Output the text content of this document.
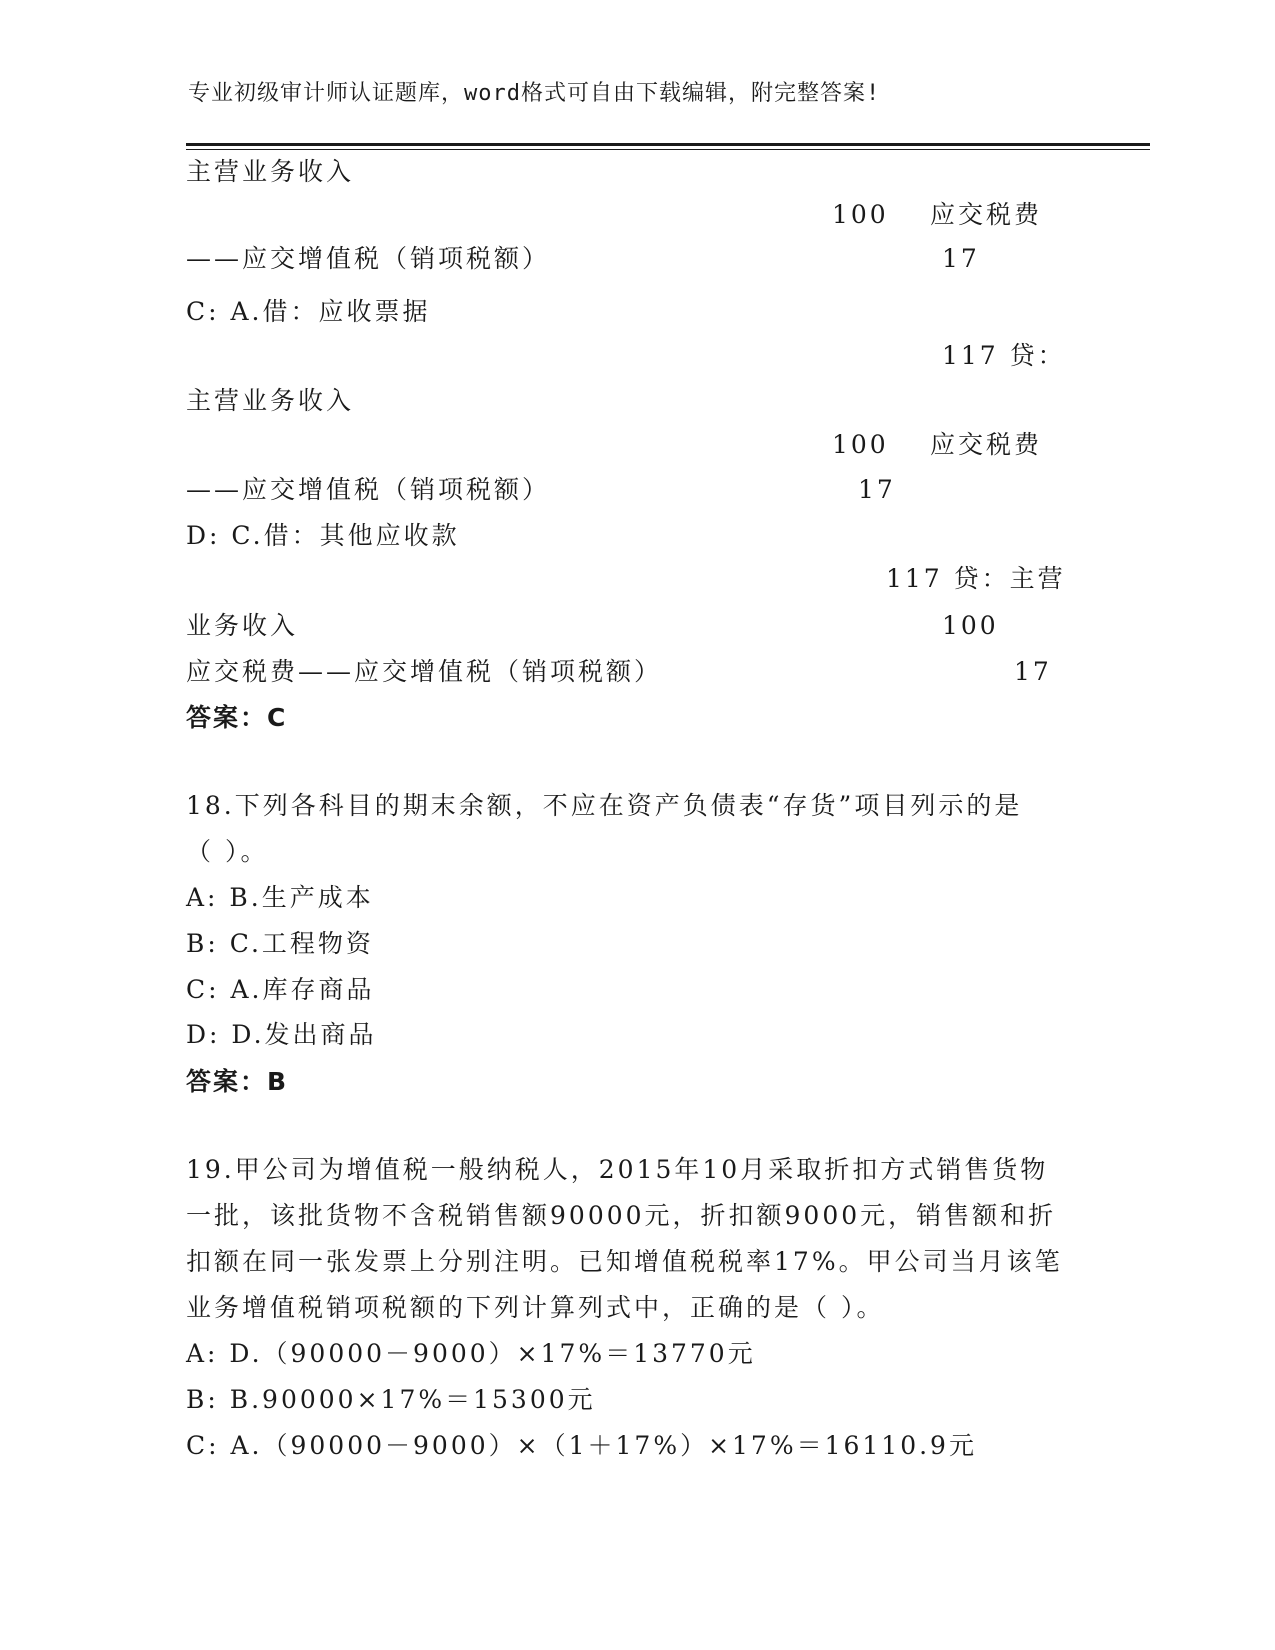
专业初级审计师认证题库，word格式可自由下载编辑，附完整答案!
主营业务收入
100 应交税费
——应交增值税（销项税额）	17
C: A.借：应收票据
117 贷：
主营业务收入
100 应交税费
——应交增值税（销项税额）	17
D: C.借：其他应收款
117 贷：主营
业务收入	100
应交税费——应交增值税（销项税额）	17
答案：C
18.下列各科目的期末余额，不应在资产负债表“存货”项目列示的是
（ ）。
A: B.生产成本
B: C.工程物资
C: A.库存商品
D: D.发出商品
答案：B
19.甲公司为增值税一般纳税人，2015年10月采取折扣方式销售货物
一批，该批货物不含税销售额90000元，折扣额9000元，销售额和折
扣额在同一张发票上分别注明。已知增值税税率17%。甲公司当月该笔
业务增值税销项税额的下列计算列式中，正确的是（ ）。
A: D.（90000－9000）×17%＝13770元
B: B.90000×17%＝15300元
C: A.（90000－9000）×（1＋17%）×17%＝16110.9元
